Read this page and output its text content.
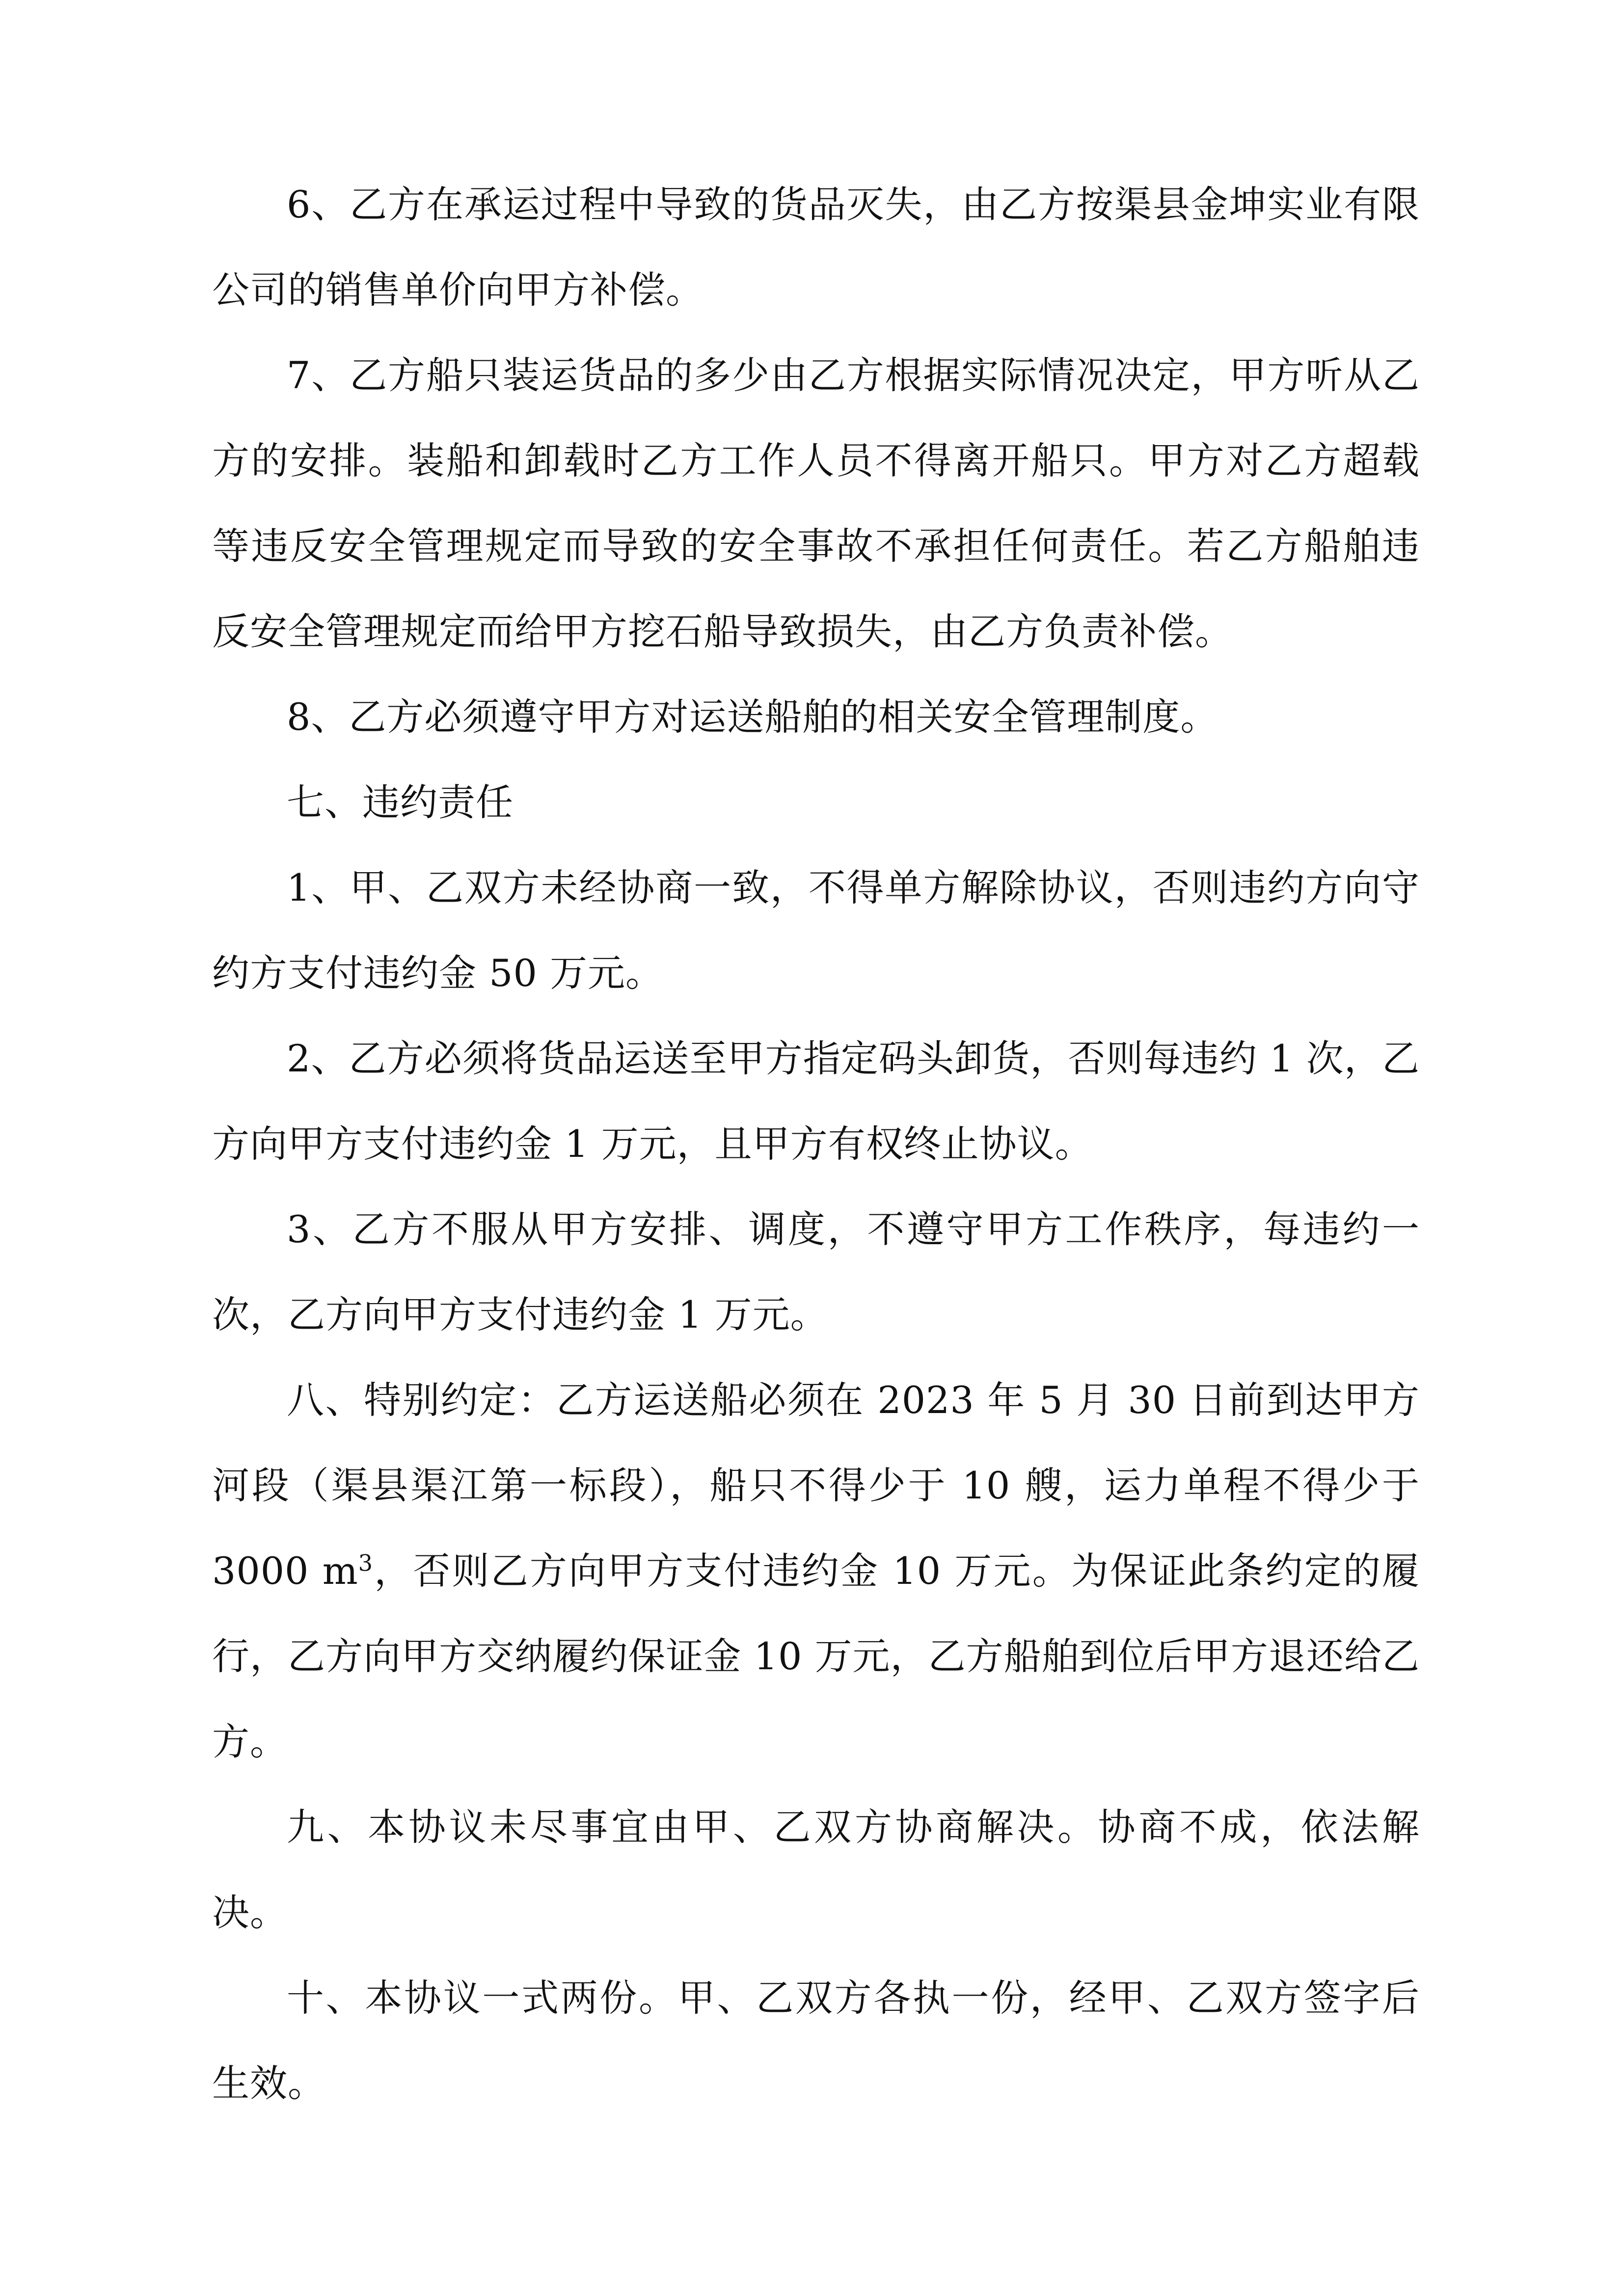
6、乙方在承运过程中导致的货品灭失，由乙方按渠县金坤实业有限公司的销售单价向甲方补偿。

7、乙方船只装运货品的多少由乙方根据实际情况决定，甲方听从乙方的安排。装船和卸载时乙方工作人员不得离开船只。甲方对乙方超载等违反安全管理规定而导致的安全事故不承担任何责任。若乙方船舶违反安全管理规定而给甲方挖石船导致损失，由乙方负责补偿。

8、乙方必须遵守甲方对运送船舶的相关安全管理制度。

七、违约责任

1、甲、乙双方未经协商一致，不得单方解除协议，否则违约方向守约方支付违约金 50 万元。

2、乙方必须将货品运送至甲方指定码头卸货，否则每违约 1 次，乙方向甲方支付违约金 1 万元，且甲方有权终止协议。

3、乙方不服从甲方安排、调度，不遵守甲方工作秩序，每违约一次，乙方向甲方支付违约金 1 万元。

八、特别约定：乙方运送船必须在 2023 年 5 月 30 日前到达甲方河段（渠县渠江第一标段），船只不得少于 10 艘，运力单程不得少于 3000 $m^3$，否则乙方向甲方支付违约金 10 万元。为保证此条约定的履行，乙方向甲方交纳履约保证金 10 万元，乙方船舶到位后甲方退还给乙方。

九、本协议未尽事宜由甲、乙双方协商解决。协商不成，依法解决。

十、本协议一式两份。甲、乙双方各执一份，经甲、乙双方签字后生效。
